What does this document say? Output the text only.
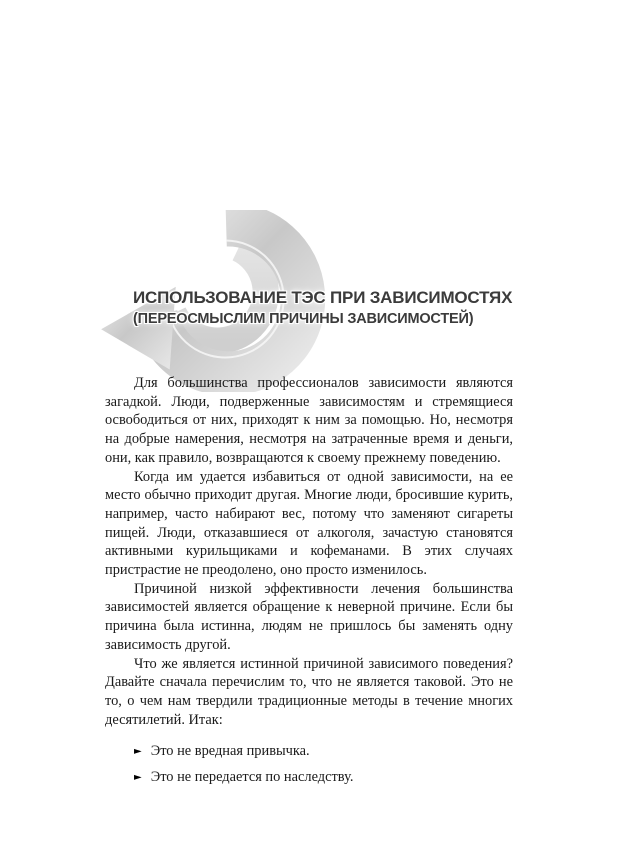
ИСПОЛЬЗОВАНИЕ ТЭС ПРИ ЗАВИСИМОСТЯХ
(ПЕРЕОСМЫСЛИМ ПРИЧИНЫ ЗАВИСИМОСТЕЙ)

Для большинства профессионалов зависимости являются загадкой. Люди, подверженные зависимостям и стремящиеся освободиться от них, приходят к ним за помощью. Но, несмотря на добрые намерения, несмотря на затраченные время и деньги, они, как правило, возвращаются к своему прежнему поведению.

Когда им удается избавиться от одной зависимости, на ее место обычно приходит другая. Многие люди, бросившие курить, например, часто набирают вес, потому что заменяют сигареты пищей. Люди, отказавшиеся от алкоголя, зачастую становятся активными курильщиками и кофеманами. В этих случаях пристрастие не преодолено, оно просто изменилось.

Причиной низкой эффективности лечения большинства зависимостей является обращение к неверной причине. Если бы причина была истинна, людям не пришлось бы заменять одну зависимость другой.

Что же является истинной причиной зависимого поведения? Давайте сначала перечислим то, что не является таковой. Это не то, о чем нам твердили традиционные методы в течение многих десятилетий. Итак:

► Это не вредная привычка.
► Это не передается по наследству.
